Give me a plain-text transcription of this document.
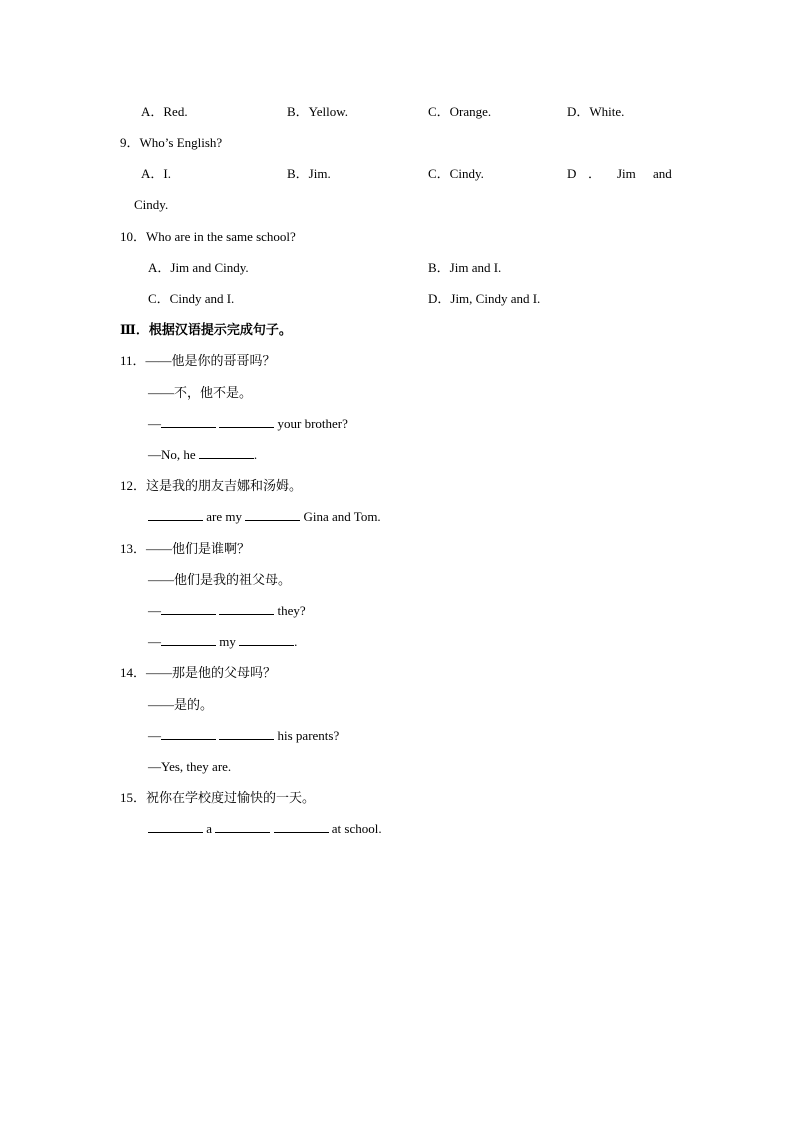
A．Red.	B．Yellow.	C．Orange.	D．White.
9．Who’s English?
A．I.	B．Jim.	C．Cindy.	D ． Jim and
Cindy.
10．Who are in the same school?
A．Jim and Cindy.	B．Jim and I.
C．Cindy and I.	D．Jim, Cindy and I.
Ⅲ．根据汉语提示完成句子。
11．——他是你的哥哥吗？
——不，他不是。
—	your brother?
—No, he	.
12．这是我的朋友吉娜和汤姆。
are my	Gina and Tom.
13．——他们是谁啊？
——他们是我的祖父母。
—	they?
—	my	.
14．——那是他的父母吗？
——是的。
—	his parents?
—Yes, they are.
15．祝你在学校度过愉快的一天。
a	at school.
